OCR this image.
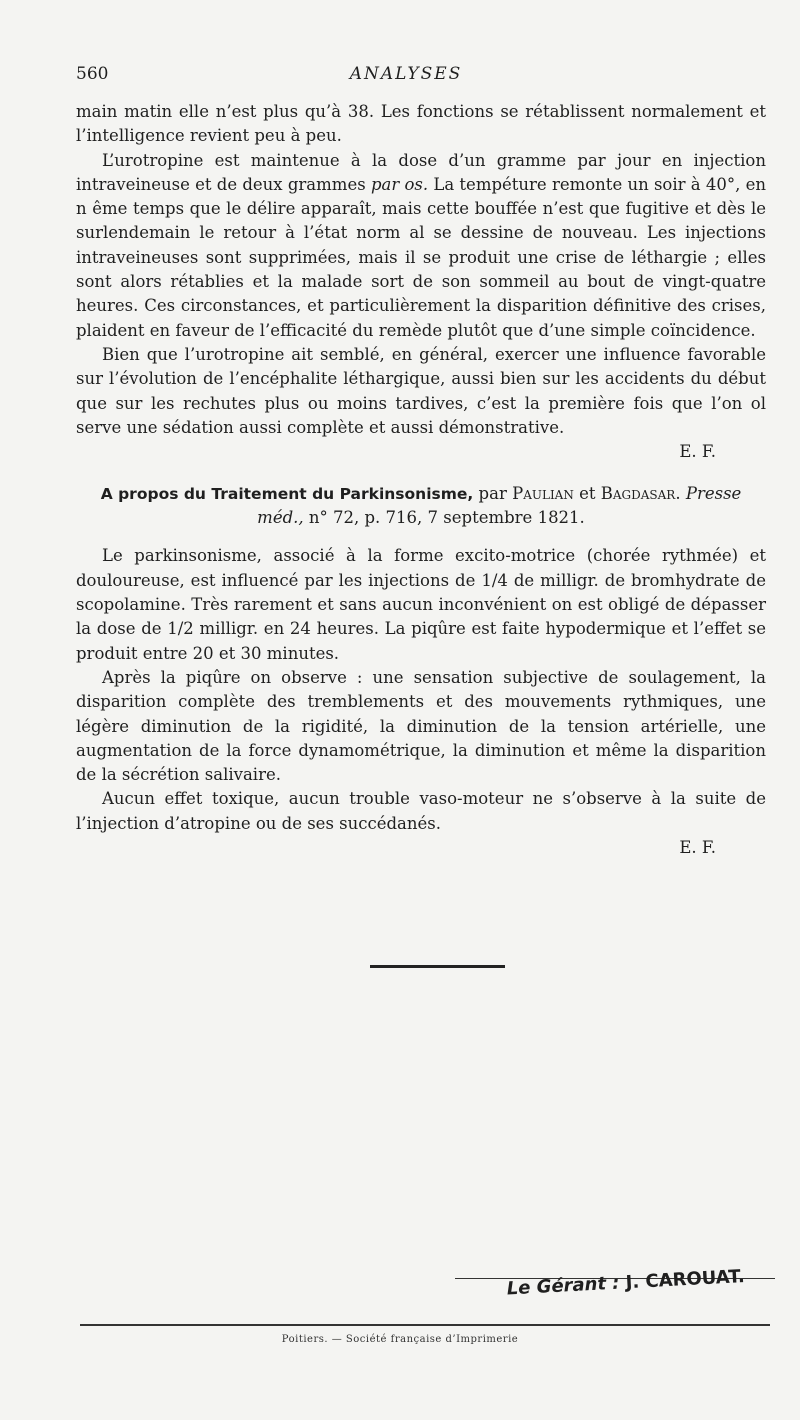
560	ANALYSES

main matin elle n’est plus qu’à 38. Les fonctions se rétablissent normalement et l’intelligence revient peu à peu.

L’urotropine est maintenue à la dose d’un gramme par jour en injection intraveineuse et de deux grammes par os. La tempéture remonte un soir à 40°, en n ême temps que le délire apparaît, mais cette bouffée n’est que fugitive et dès le surlendemain le retour à l’état norm al se dessine de nouveau. Les injections intraveineuses sont supprimées, mais il se produit une crise de léthargie ; elles sont alors rétablies et la malade sort de son sommeil au bout de vingt-quatre heures. Ces circonstances, et particulièrement la disparition définitive des crises, plaident en faveur de l’efficacité du remède plutôt que d’une simple coïncidence.

Bien que l’urotropine ait semblé, en général, exercer une influence favorable sur l’évolution de l’encéphalite léthargique, aussi bien sur les accidents du début que sur les rechutes plus ou moins tardives, c’est la première fois que l’on ol serve une sédation aussi complète et aussi démonstrative.

E. F.

A propos du Traitement du Parkinsonisme, par Paulian et Bagdasar. Presse méd., n° 72, p. 716, 7 septembre 1821.

Le parkinsonisme, associé à la forme excito-motrice (chorée rythmée) et douloureuse, est influencé par les injections de 1/4 de milligr. de bromhydrate de scopolamine. Très rarement et sans aucun inconvénient on est obligé de dépasser la dose de 1/2 milligr. en 24 heures. La piqûre est faite hypodermique et l’effet se produit entre 20 et 30 minutes.

Après la piqûre on observe : une sensation subjective de soulagement, la disparition complète des tremblements et des mouvements rythmiques, une légère diminution de la rigidité, la diminution de la tension artérielle, une augmentation de la force dynamométrique, la diminution et même la disparition de la sécrétion salivaire.

Aucun effet toxique, aucun trouble vaso-moteur ne s’observe à la suite de l’injection d’atropine ou de ses succédanés.

E. F.

Le Gérant : J. CAROUAT.
Poitiers. — Société française d’Imprimerie
